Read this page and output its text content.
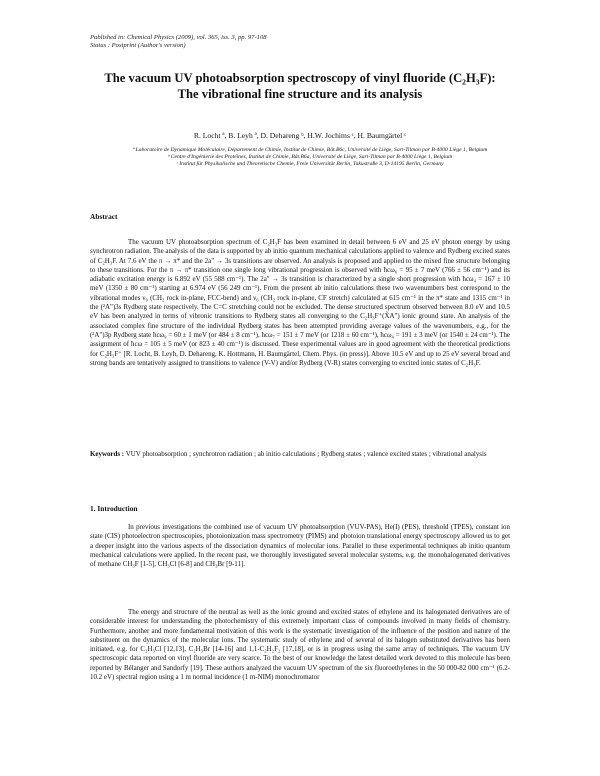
Published in: Chemical Physics (2009), vol. 365, iss. 3, pp. 97-108
Status : Postprint (Author's version)
The vacuum UV photoabsorption spectroscopy of vinyl fluoride (C₂H₃F):
The vibrational fine structure and its analysis
R. Locht ª, B. Leyh ª, D. Dehareng ᵇ, H.W. Jochims ᶜ, H. Baumgärtel ᶜ
ª Laboratoire de Dynamique Moléculaire, Département de Chimie, Institut de Chimie, Bât.B6c, Université de Liège, Sart-Tilman par B-4000 Liège 1, Belgium
ᵇ Centre d'Ingénierie des Protéines, Institut de Chimie, Bât.B6a, Université de Liège, Sart-Tilman par B-4000 Liège 1, Belgium
ᶜ Institut für Physikalische und Theoretische Chemie, Freie Universität Berlin, Takustraße 3, D-14195 Berlin, Germany
Abstract

The vacuum UV photoabsorption spectrum of C₂H₃F has been examined in detail between 6 eV and 25 eV photon energy by using synchrotron radiation. The analysis of the data is supported by ab initio quantum mechanical calculations applied to valence and Rydberg excited states of C₂H₃F. At 7.6 eV the π → π* and the 2a" → 3s transitions are observed. An analysis is proposed and applied to the mixed fine structure belonging to these transitions. For the π → π* transition one single long vibrational progression is observed with ħcω₆ = 95 ± 7 meV (766 ± 56 cm⁻¹) and its adiabatic excitation energy is 6.892 eV (55 588 cm⁻¹). The 2a" → 3s transition is characterized by a single short progression with ħcω₄ = 167 ± 10 meV (1350 ± 80 cm⁻¹) starting at 6.974 eV (56 249 cm⁻¹). From the present ab initio calculations these two wavenumbers best correspond to the vibrational modes ν₉ (CH₂ rock in-plane, FCC-bend) and ν₆ (CH₂ rock in-plane, CF stretch) calculated at 615 cm⁻¹ in the π* state and 1315 cm⁻¹ in the (²A")3s Rydberg state respectively. The C=C stretching could not be excluded. The dense structured spectrum observed between 8.0 eV and 10.5 eV has been analyzed in terms of vibronic transitions to Rydberg states all converging to the C₂H₃F⁺(X̃A") ionic ground state. An analysis of the associated complex fine structure of the individual Rydberg states has been attempted providing average values of the wavenumbers, e.g., for the (²A")3p Rydberg state ħcω₉ = 60 ± 1 meV (or 484 ± 8 cm⁻¹), ħcω₇ = 151 ± 7 meV (or 1218 ± 60 cm⁻¹), ħcω₄ = 191 ± 3 meV (or 1540 ± 24 cm⁻¹). The assignment of ħcω = 105 ± 5 meV (or 823 ± 40 cm⁻¹) is discussed. These experimental values are in good agreement with the theoretical predictions for C₂H₃F⁺ [R. Locht, B. Leyh, D. Dehareng, K. Hottmann, H. Baumgärtel, Chem. Phys. (in press)]. Above 10.5 eV and up to 25 eV several broad and strong bands are tentatively assigned to transitions to valence (V-V) and/or Rydberg (V-R) states converging to excited ionic states of C₂H₃F.

Keywords : VUV photoabsorption ; synchrotron radiation ; ab initio calculations ; Rydberg states ; valence excited states ; vibrational analysis

1. Introduction

In previous investigations the combined use of vacuum UV photoabsorption (VUV-PAS), He(I) (PES), threshold (TPES), constant ion state (CIS) photoelectron spectroscopies, photoionization mass spectrometry (PIMS) and photoion translational energy spectroscopy allowed us to get a deeper insight into the various aspects of the dissociation dynamics of molecular ions. Parallel to these experimental techniques ab initio quantum mechanical calculations were applied. In the recent past, we thoroughly investigated several molecular systems, e.g. the monohalogenated derivatives of methane CH₃F [1-5], CH₃Cl [6-8] and CH₃Br [9-11].

The energy and structure of the neutral as well as the ionic ground and excited states of ethylene and its halogenated derivatives are of considerable interest for understanding the photochemistry of this extremely important class of compounds involved in many fields of chemistry. Furthermore, another and more fundamental motivation of this work is the systematic investigation of the influence of the position and nature of the substituent on the dynamics of the molecular ions. The systematic study of ethylene and of several of its halogen substituted derivatives has been initiated, e.g. for C₂H₃Cl [12,13], C₂H₃Br [14-16] and 1,1-C₂H₂F₂ [17,18], or is in progress using the same array of techniques. The vacuum UV spectroscopic data reported on vinyl fluoride are very scarce. To the best of our knowledge the latest detailed work devoted to this molecule has been reported by Bélanger and Sandorfy [19]. These authors analyzed the vacuum UV spectrum of the six fluoroethylenes in the 50 000-82 000 cm⁻¹ (6.2-10.2 eV) spectral region using a 1 m normal incidence (1 m-NIM) monochromator
